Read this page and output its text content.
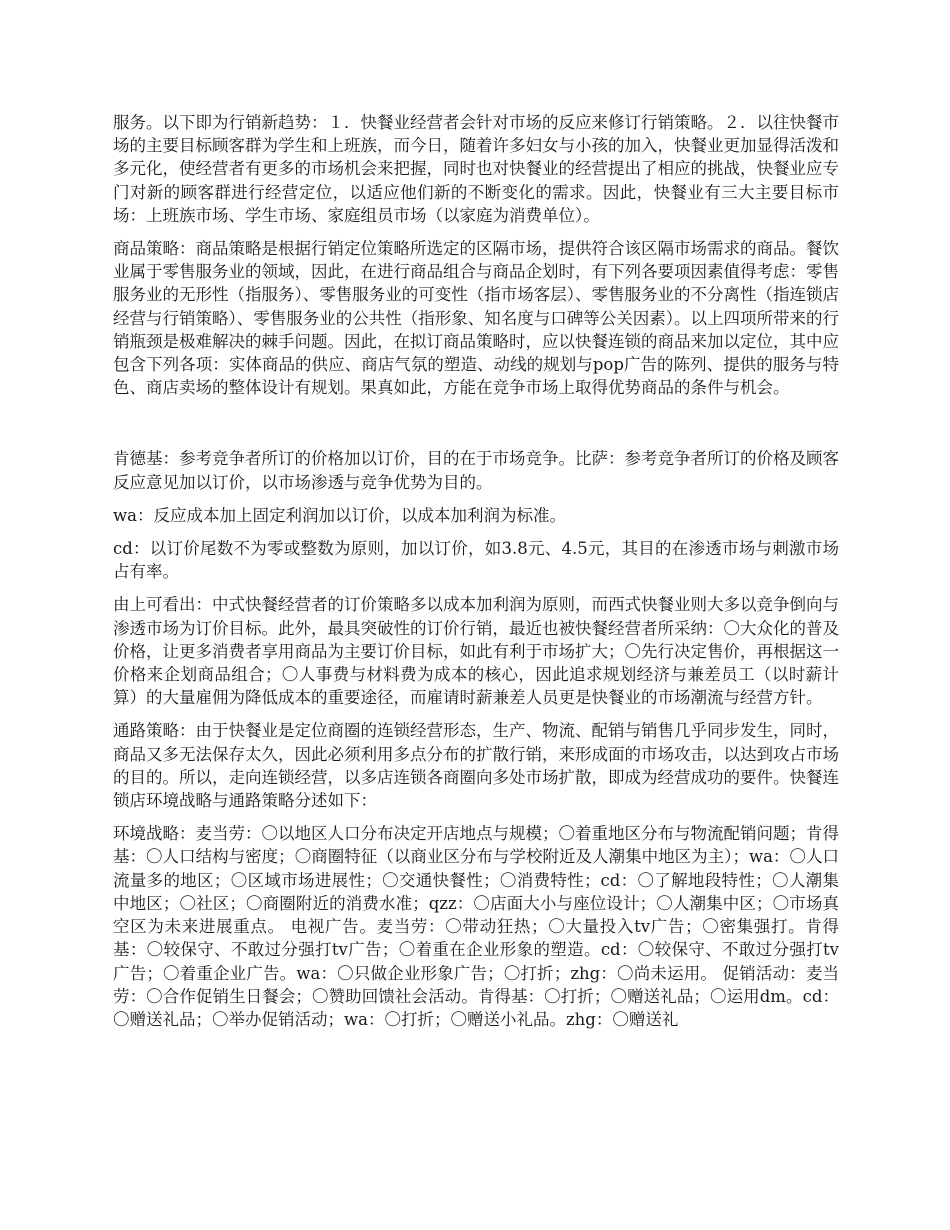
服务。以下即为行销新趋势：１．快餐业经营者会针对市场的反应来修订行销策略。２．以往快餐市场的主要目标顾客群为学生和上班族，而今日，随着许多妇女与小孩的加入，快餐业更加显得活泼和多元化，使经营者有更多的市场机会来把握，同时也对快餐业的经营提出了相应的挑战，快餐业应专门对新的顾客群进行经营定位，以适应他们新的不断变化的需求。因此，快餐业有三大主要目标市场：上班族市场、学生市场、家庭组员市场（以家庭为消费单位）。

商品策略：商品策略是根据行销定位策略所选定的区隔市场，提供符合该区隔市场需求的商品。餐饮业属于零售服务业的领域，因此，在进行商品组合与商品企划时，有下列各要项因素值得考虑：零售服务业的无形性（指服务）、零售服务业的可变性（指市场客层）、零售服务业的不分离性（指连锁店经营与行销策略）、零售服务业的公共性（指形象、知名度与口碑等公关因素）。以上四项所带来的行销瓶颈是极难解决的棘手问题。因此，在拟订商品策略时，应以快餐连锁的商品来加以定位，其中应包含下列各项：实体商品的供应、商店气氛的塑造、动线的规划与pop广告的陈列、提供的服务与特色、商店卖场的整体设计有规划。果真如此，方能在竞争市场上取得优势商品的条件与机会。

肯德基：参考竞争者所订的价格加以订价，目的在于市场竞争。比萨：参考竞争者所订的价格及顾客反应意见加以订价，以市场渗透与竞争优势为目的。

wa：反应成本加上固定利润加以订价，以成本加利润为标准。

cd：以订价尾数不为零或整数为原则，加以订价，如3.8元、4.5元，其目的在渗透市场与刺激市场占有率。

由上可看出：中式快餐经营者的订价策略多以成本加利润为原则，而西式快餐业则大多以竞争倒向与渗透市场为订价目标。此外，最具突破性的订价行销，最近也被快餐经营者所采纳：〇大众化的普及价格，让更多消费者享用商品为主要订价目标，如此有利于市场扩大；〇先行决定售价，再根据这一价格来企划商品组合；〇人事费与材料费为成本的核心，因此追求规划经济与兼差员工（以时薪计算）的大量雇佣为降低成本的重要途径，而雇请时薪兼差人员更是快餐业的市场潮流与经营方针。

通路策略：由于快餐业是定位商圈的连锁经营形态，生产、物流、配销与销售几乎同步发生，同时，商品又多无法保存太久，因此必须利用多点分布的扩散行销，来形成面的市场攻击，以达到攻占市场的目的。所以，走向连锁经营，以多店连锁各商圈向多处市场扩散，即成为经营成功的要件。快餐连锁店环境战略与通路策略分述如下：

环境战略：麦当劳：〇以地区人口分布决定开店地点与规模；〇着重地区分布与物流配销问题；肯得基：〇人口结构与密度；〇商圈特征（以商业区分布与学校附近及人潮集中地区为主）；wa：〇人口流量多的地区；〇区域市场进展性；〇交通快餐性；〇消费特性；cd：〇了解地段特性；〇人潮集中地区；〇社区；〇商圈附近的消费水准；qzz：〇店面大小与座位设计；〇人潮集中区；〇市场真空区为未来进展重点。 电视广告。麦当劳：〇带动狂热；〇大量投入tv广告；〇密集强打。肯得基：〇较保守、不敢过分强打tv广告；〇着重在企业形象的塑造。cd：〇较保守、不敢过分强打tv广告；〇着重企业广告。wa：〇只做企业形象广告；〇打折；zhg：〇尚未运用。 促销活动：麦当劳：〇合作促销生日餐会；〇赞助回馈社会活动。肯得基：〇打折；〇赠送礼品；〇运用dm。cd：〇赠送礼品；〇举办促销活动；wa：〇打折；〇赠送小礼品。zhg：〇赠送礼
